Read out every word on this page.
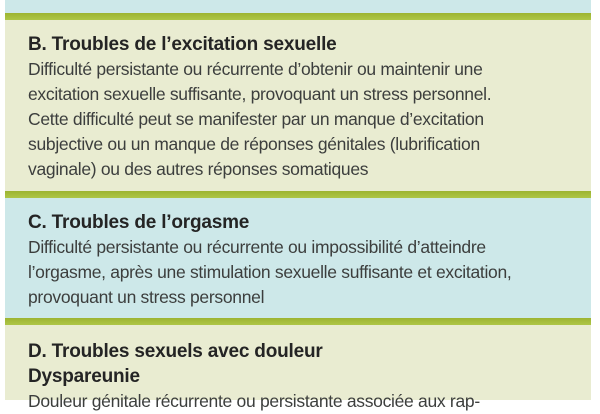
B. Troubles de l’excitation sexuelle
Difficulté persistante ou récurrente d’obtenir ou maintenir une
excitation sexuelle suffisante, provoquant un stress personnel.
Cette difficulté peut se manifester par un manque d’excitation
subjective ou un manque de réponses génitales (lubrification
vaginale) ou des autres réponses somatiques
C. Troubles de l’orgasme
Difficulté persistante ou récurrente ou impossibilité d’atteindre
l’orgasme, après une stimulation sexuelle suffisante et excitation,
provoquant un stress personnel
D. Troubles sexuels avec douleur
Dyspareunie
Douleur génitale récurrente ou persistante associée aux rap-
